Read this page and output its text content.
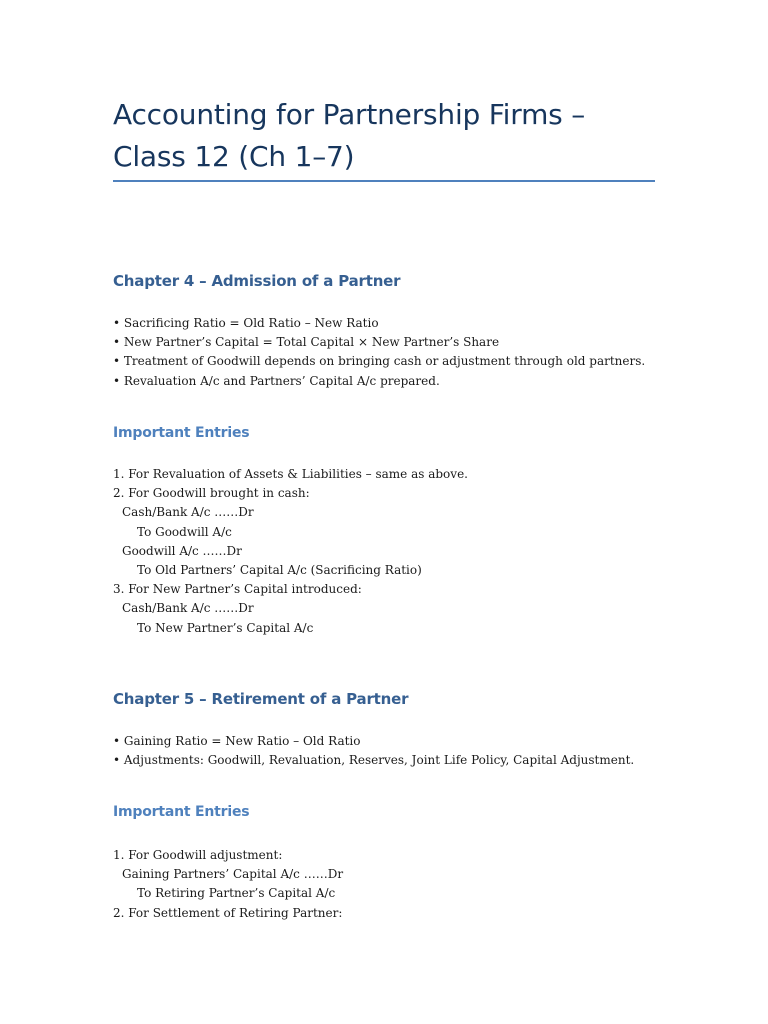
Accounting for Partnership Firms – Class 12 (Ch 1–7)
Chapter 4 – Admission of a Partner
• Sacrificing Ratio = Old Ratio – New Ratio
• New Partner’s Capital = Total Capital × New Partner’s Share
• Treatment of Goodwill depends on bringing cash or adjustment through old partners.
• Revaluation A/c and Partners’ Capital A/c prepared.
Important Entries
1. For Revaluation of Assets & Liabilities – same as above.
2. For Goodwill brought in cash:
Cash/Bank A/c ……Dr
To Goodwill A/c
Goodwill A/c ……Dr
To Old Partners’ Capital A/c (Sacrificing Ratio)
3. For New Partner’s Capital introduced:
Cash/Bank A/c ……Dr
To New Partner’s Capital A/c
Chapter 5 – Retirement of a Partner
• Gaining Ratio = New Ratio – Old Ratio
• Adjustments: Goodwill, Revaluation, Reserves, Joint Life Policy, Capital Adjustment.
Important Entries
1. For Goodwill adjustment:
Gaining Partners’ Capital A/c ……Dr
To Retiring Partner’s Capital A/c
2. For Settlement of Retiring Partner:
